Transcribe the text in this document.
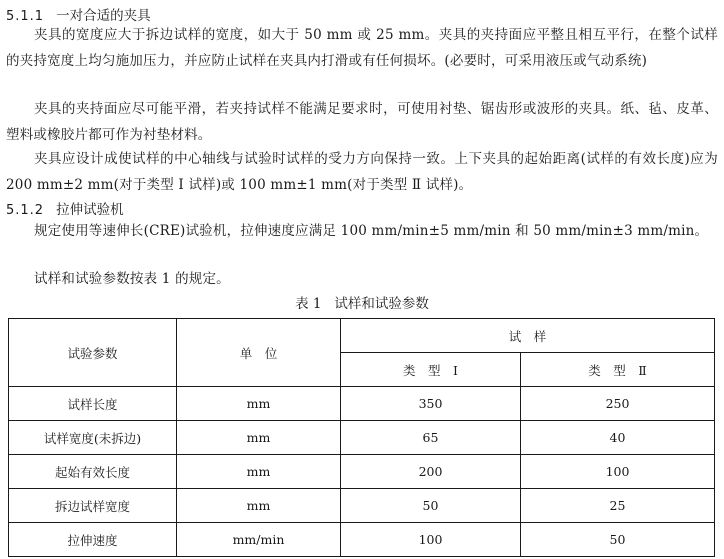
5.1.1 一对合适的夹具

夹具的宽度应大于拆边试样的宽度，如大于 50 mm 或 25 mm。夹具的夹持面应平整且相互平行，在整个试样的夹持宽度上均匀施加压力，并应防止试样在夹具内打滑或有任何损坏。(必要时，可采用液压或气动系统)

夹具的夹持面应尽可能平滑，若夹持试样不能满足要求时，可使用衬垫、锯齿形或波形的夹具。纸、毡、皮革、塑料或橡胶片都可作为衬垫材料。

夹具应设计成使试样的中心轴线与试验时试样的受力方向保持一致。上下夹具的起始距离(试样的有效长度)应为 200 mm±2 mm(对于类型 Ⅰ 试样)或 100 mm±1 mm(对于类型 Ⅱ 试样)。

5.1.2 拉伸试验机

规定使用等速伸长(CRE)试验机，拉伸速度应满足 100 mm/min±5 mm/min 和 50 mm/min±3 mm/min。

试样和试验参数按表 1 的规定。

表 1   试样和试验参数
试验参数	单　位	试　样	
		类　型　Ⅰ	类　型　Ⅱ
试样长度	mm	350	250
试样宽度(未拆边)	mm	65	40
起始有效长度	mm	200	100
拆边试样宽度	mm	50	25
拉伸速度	mm/min	100	50
